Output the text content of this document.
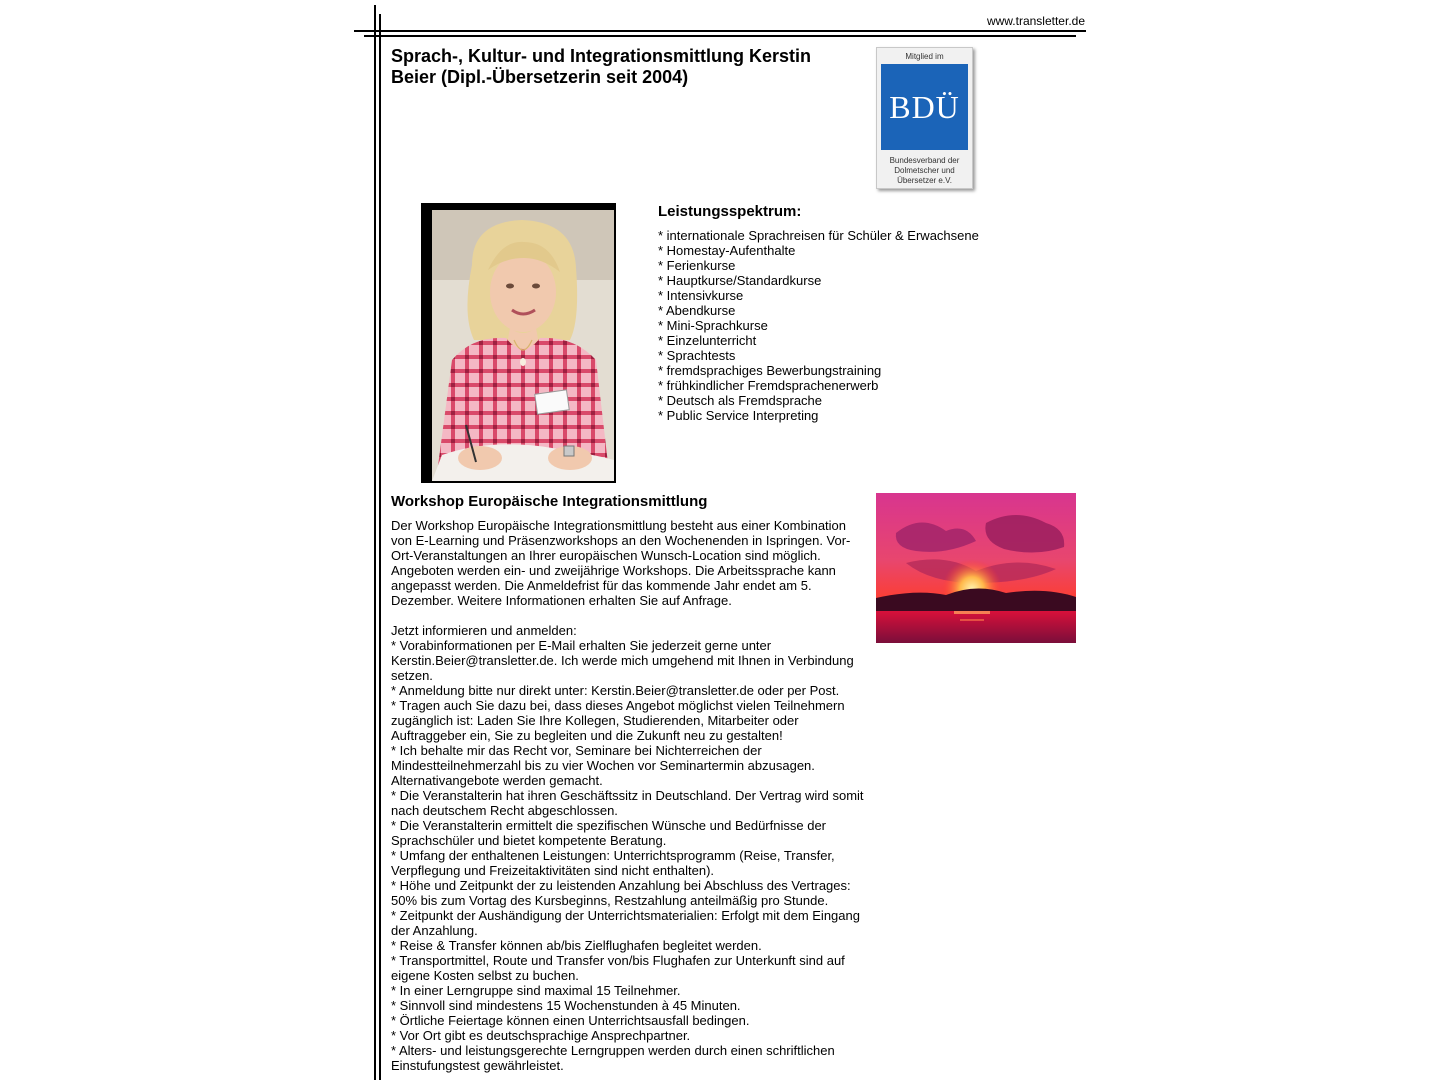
www.transletter.de
Sprach-, Kultur- und Integrationsmittlung Kerstin Beier (Dipl.-Übersetzerin seit 2004)
Mitglied im
BDÜ
Bundesverband der Dolmetscher und Übersetzer e.V.
Leistungsspektrum:
* internationale Sprachreisen für Schüler & Erwachsene
* Homestay-Aufenthalte
* Ferienkurse
* Hauptkurse/Standardkurse
* Intensivkurse
* Abendkurse
* Mini-Sprachkurse
* Einzelunterricht
* Sprachtests
* fremdsprachiges Bewerbungstraining
* frühkindlicher Fremdsprachenerwerb
* Deutsch als Fremdsprache
* Public Service Interpreting
Workshop Europäische Integrationsmittlung

Der Workshop Europäische Integrationsmittlung besteht aus einer Kombination von E-Learning und Präsenzworkshops an den Wochenenden in Ispringen. Vor-Ort-Veranstaltungen an Ihrer europäischen Wunsch-Location sind möglich. Angeboten werden ein- und zweijährige Workshops. Die Arbeitssprache kann angepasst werden. Die Anmeldefrist für das kommende Jahr endet am 5. Dezember. Weitere Informationen erhalten Sie auf Anfrage.

Jetzt informieren und anmelden:

* Vorabinformationen per E-Mail erhalten Sie jederzeit gerne unter Kerstin.Beier@transletter.de. Ich werde mich umgehend mit Ihnen in Verbindung setzen.
* Anmeldung bitte nur direkt unter: Kerstin.Beier@transletter.de oder per Post.
* Tragen auch Sie dazu bei, dass dieses Angebot möglichst vielen Teilnehmern zugänglich ist: Laden Sie Ihre Kollegen, Studierenden, Mitarbeiter oder Auftraggeber ein, Sie zu begleiten und die Zukunft neu zu gestalten!
* Ich behalte mir das Recht vor, Seminare bei Nichterreichen der Mindestteilnehmerzahl bis zu vier Wochen vor Seminartermin abzusagen. Alternativangebote werden gemacht.
* Die Veranstalterin hat ihren Geschäftssitz in Deutschland. Der Vertrag wird somit nach deutschem Recht abgeschlossen.
* Die Veranstalterin ermittelt die spezifischen Wünsche und Bedürfnisse der Sprachschüler und bietet kompetente Beratung.
* Umfang der enthaltenen Leistungen: Unterrichtsprogramm (Reise, Transfer, Verpflegung und Freizeitaktivitäten sind nicht enthalten).
* Höhe und Zeitpunkt der zu leistenden Anzahlung bei Abschluss des Vertrages: 50% bis zum Vortag des Kursbeginns, Restzahlung anteilmäßig pro Stunde.
* Zeitpunkt der Aushändigung der Unterrichtsmaterialien: Erfolgt mit dem Eingang der Anzahlung.
* Reise & Transfer können ab/bis Zielflughafen begleitet werden.
* Transportmittel, Route und Transfer von/bis Flughafen zur Unterkunft sind auf eigene Kosten selbst zu buchen.
* In einer Lerngruppe sind maximal 15 Teilnehmer.
* Sinnvoll sind mindestens 15 Wochenstunden à 45 Minuten.
* Örtliche Feiertage können einen Unterrichtsausfall bedingen.
* Vor Ort gibt es deutschsprachige Ansprechpartner.
* Alters- und leistungsgerechte Lerngruppen werden durch einen schriftlichen Einstufungstest gewährleistet.
